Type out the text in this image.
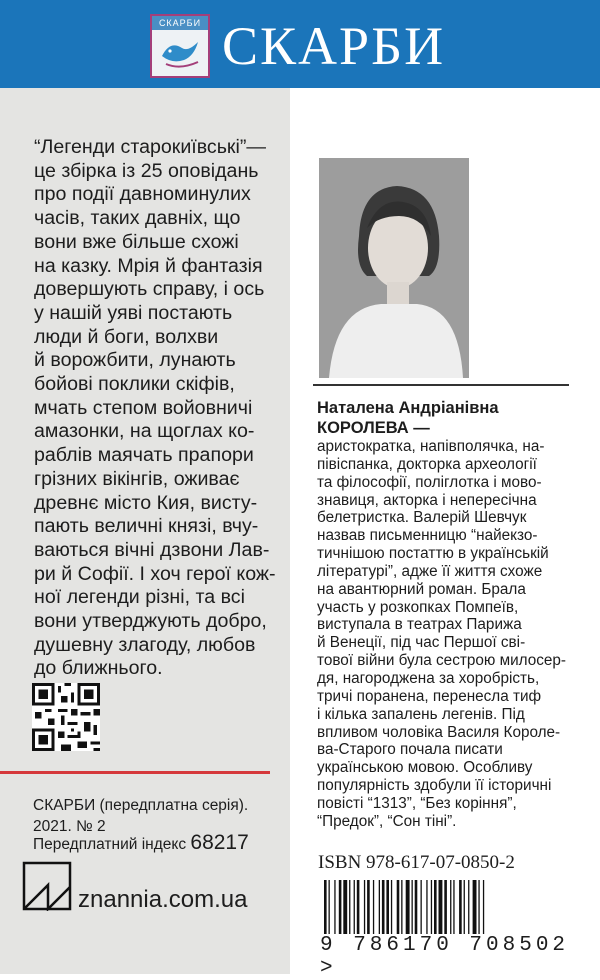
СКАРБИ СКАРБИ
“Легенди старокиївські”—
це збірка із 25 оповідань
про події давноминулих
часів, таких давніх, що
вони вже більше схожі
на казку. Мрія й фантазія
довершують справу, і ось
у нашій уяві постають
люди й боги, волхви
й ворожбити, лунають
бойові поклики скіфів,
мчать степом войовничі
амазонки, на щоглах ко-
раблів маячать прапори
грізних вікінгів, оживає
древнє місто Кия, висту-
пають величні князі, вчу-
ваються вічні дзвони Лав-
ри й Софії. І хоч герої кож-
ної легенди різні, та всі
вони утверджують добро,
душевну злагоду, любов
до ближнього.
СКАРБИ (передплатна серія).
2021. № 2
Передплатний індекс 68217
znannia.com.ua
Наталена Андріанівна
КОРОЛЕВА —
аристократка, напівполячка, на-
півіспанка, докторка археології
та філософії, поліглотка і мово-
знавиця, акторка і непересічна
белетристка. Валерій Шевчук
назвав письменницю “найекзо-
тичнішою постаттю в українській
літературі”, адже її життя схоже
на авантюрний роман. Брала
участь у розкопках Помпеїв,
виступала в театрах Парижа
й Венеції, під час Першої сві-
тової війни була сестрою милосер-
дя, нагороджена за хоробрість,
тричі поранена, перенесла тиф
і кілька запалень легенів. Під
впливом чоловіка Василя Короле-
ва-Старого почала писати
українською мовою. Особливу
популярність здобули її історичні
повісті “1313”, “Без коріння”,
“Предок”, “Сон тіні”.
ISBN 978-617-07-0850-2
9 786170 708502 >
